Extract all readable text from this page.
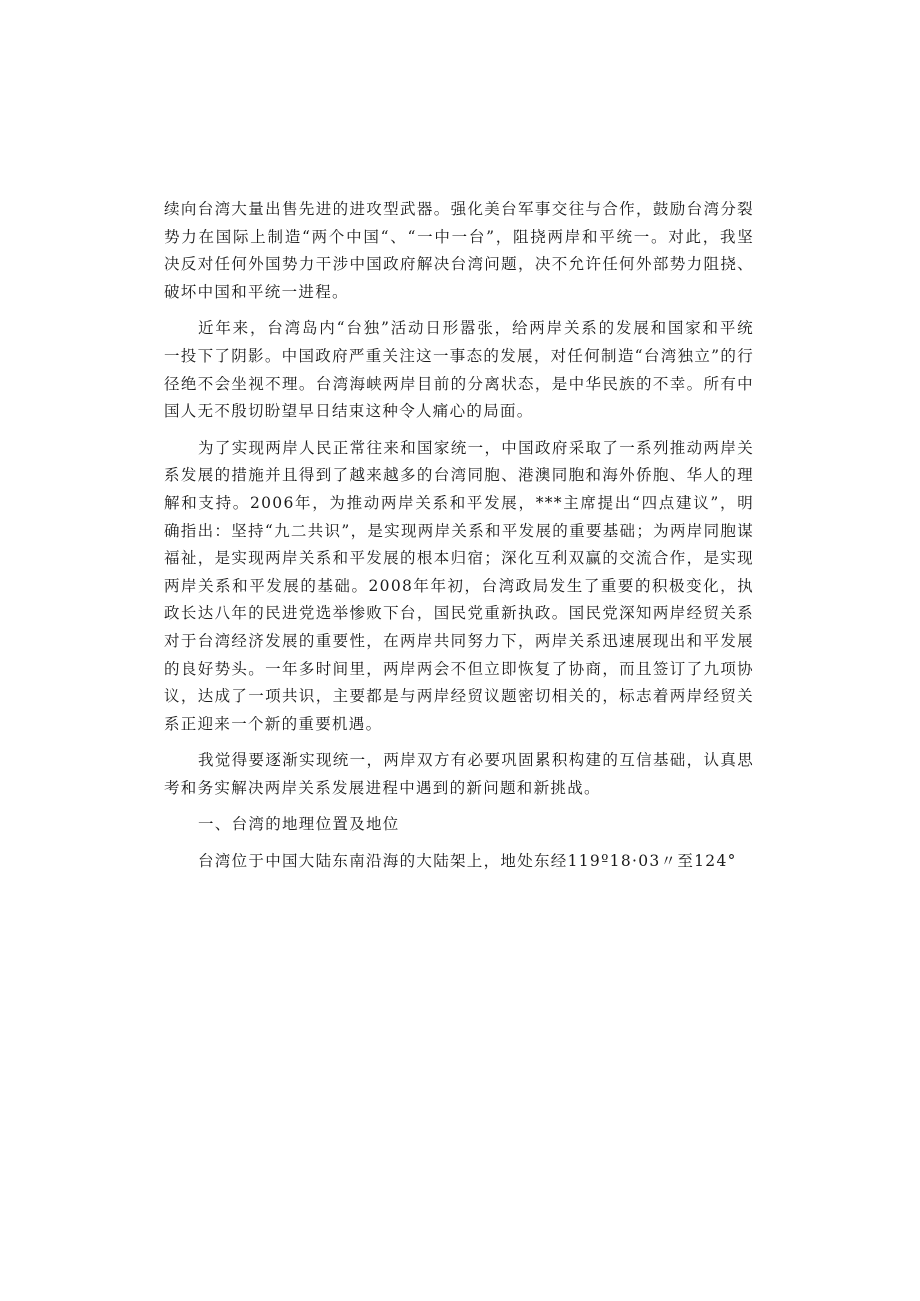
续向台湾大量出售先进的进攻型武器。强化美台军事交往与合作，鼓励台湾分裂势力在国际上制造“两个中国“、“一中一台”，阻挠两岸和平统一。对此，我坚决反对任何外国势力干涉中国政府解决台湾问题，决不允许任何外部势力阻挠、破坏中国和平统一进程。

近年来，台湾岛内“台独”活动日形嚣张，给两岸关系的发展和国家和平统一投下了阴影。中国政府严重关注这一事态的发展，对任何制造“台湾独立”的行径绝不会坐视不理。台湾海峡两岸目前的分离状态，是中华民族的不幸。所有中国人无不殷切盼望早日结束这种令人痛心的局面。

为了实现两岸人民正常往来和国家统一，中国政府采取了一系列推动两岸关系发展的措施并且得到了越来越多的台湾同胞、港澳同胞和海外侨胞、华人的理解和支持。2006年，为推动两岸关系和平发展，***主席提出“四点建议”，明确指出：坚持“九二共识”，是实现两岸关系和平发展的重要基础；为两岸同胞谋福祉，是实现两岸关系和平发展的根本归宿；深化互利双赢的交流合作，是实现两岸关系和平发展的基础。2008年年初，台湾政局发生了重要的积极变化，执政长达八年的民进党选举惨败下台，国民党重新执政。国民党深知两岸经贸关系对于台湾经济发展的重要性，在两岸共同努力下，两岸关系迅速展现出和平发展的良好势头。一年多时间里，两岸两会不但立即恢复了协商，而且签订了九项协议，达成了一项共识，主要都是与两岸经贸议题密切相关的，标志着两岸经贸关系正迎来一个新的重要机遇。

我觉得要逐渐实现统一，两岸双方有必要巩固累积构建的互信基础，认真思考和务实解决两岸关系发展进程中遇到的新问题和新挑战。

一、台湾的地理位置及地位

台湾位于中国大陆东南沿海的大陆架上，地处东经119º18·03〃至124°
